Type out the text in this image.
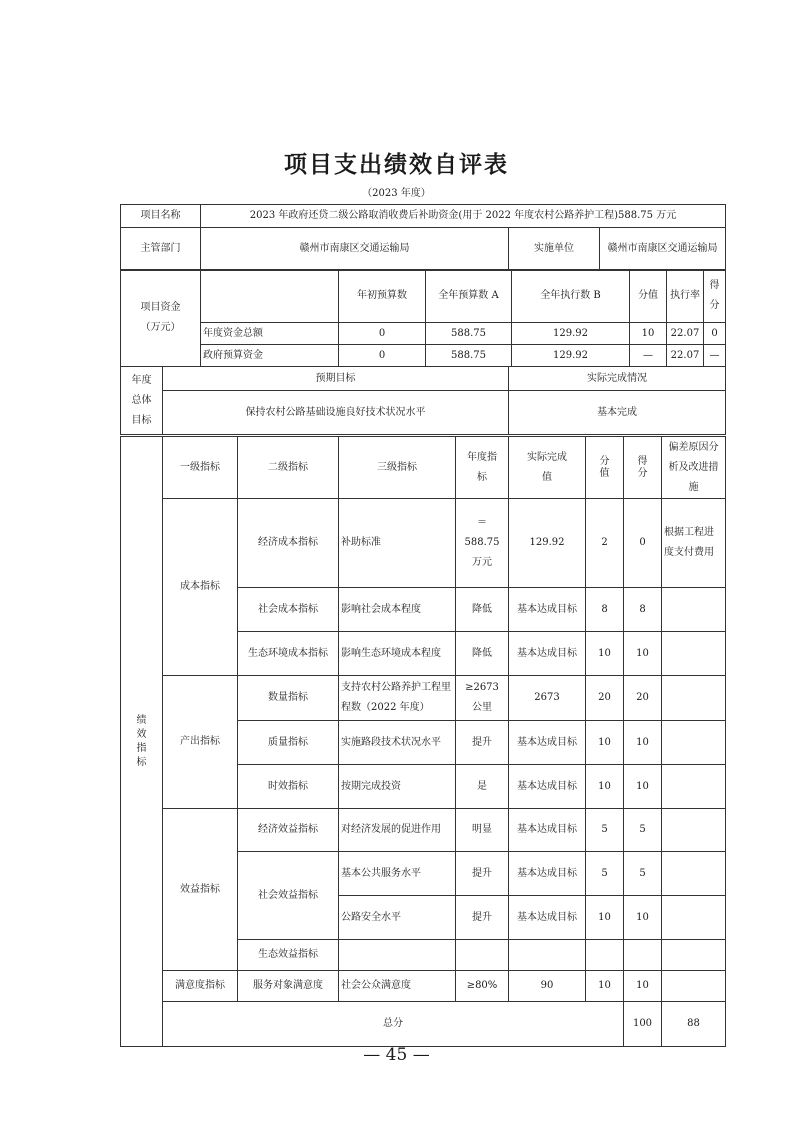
项目支出绩效自评表
（2023 年度）
项目名称	2023 年政府还贷二级公路取消收费后补助资金(用于 2022 年度农村公路养护工程)588.75 万元		
主管部门	赣州市南康区交通运输局	实施单位	赣州市南康区交通运输局
项目资金
（万元）		年初预算数	全年预算数 A	全年执行数 B	分值	执行率	得分
	年度资金总额	0	588.75	129.92	10	22.07	0
	政府预算资金	0	588.75	129.92	—	22.07	—
年度总体目标	预期目标	实际完成情况
	保持农村公路基础设施良好技术状况水平	基本完成
绩效指标	一级指标	二级指标	三级指标	年度指标	实际完成值	分值	得分	偏差原因分析及改进措施	
	成本指标	经济成本指标	补助标准	＝588.75万元	129.92	2	0	根据工程进度支付费用	
		社会成本指标	影响社会成本程度	降低	基本达成目标	8	8		
		生态环境成本指标	影响生态环境成本程度	降低	基本达成目标	10	10		
	产出指标	数量指标	支持农村公路养护工程里程数（2022 年度）	≥2673公里	2673	20	20		
		质量指标	实施路段技术状况水平	提升	基本达成目标	10	10		
		时效指标	按期完成投资	是	基本达成目标	10	10		
	效益指标	经济效益指标	对经济发展的促进作用	明显	基本达成目标	5	5		
		社会效益指标	基本公共服务水平	提升	基本达成目标	5	5		
			公路安全水平	提升	基本达成目标	10	10		
		生态效益指标							
	满意度指标	服务对象满意度	社会公众满意度	≥80%	90	10	10		
	总分						100	88	
— 45 —
